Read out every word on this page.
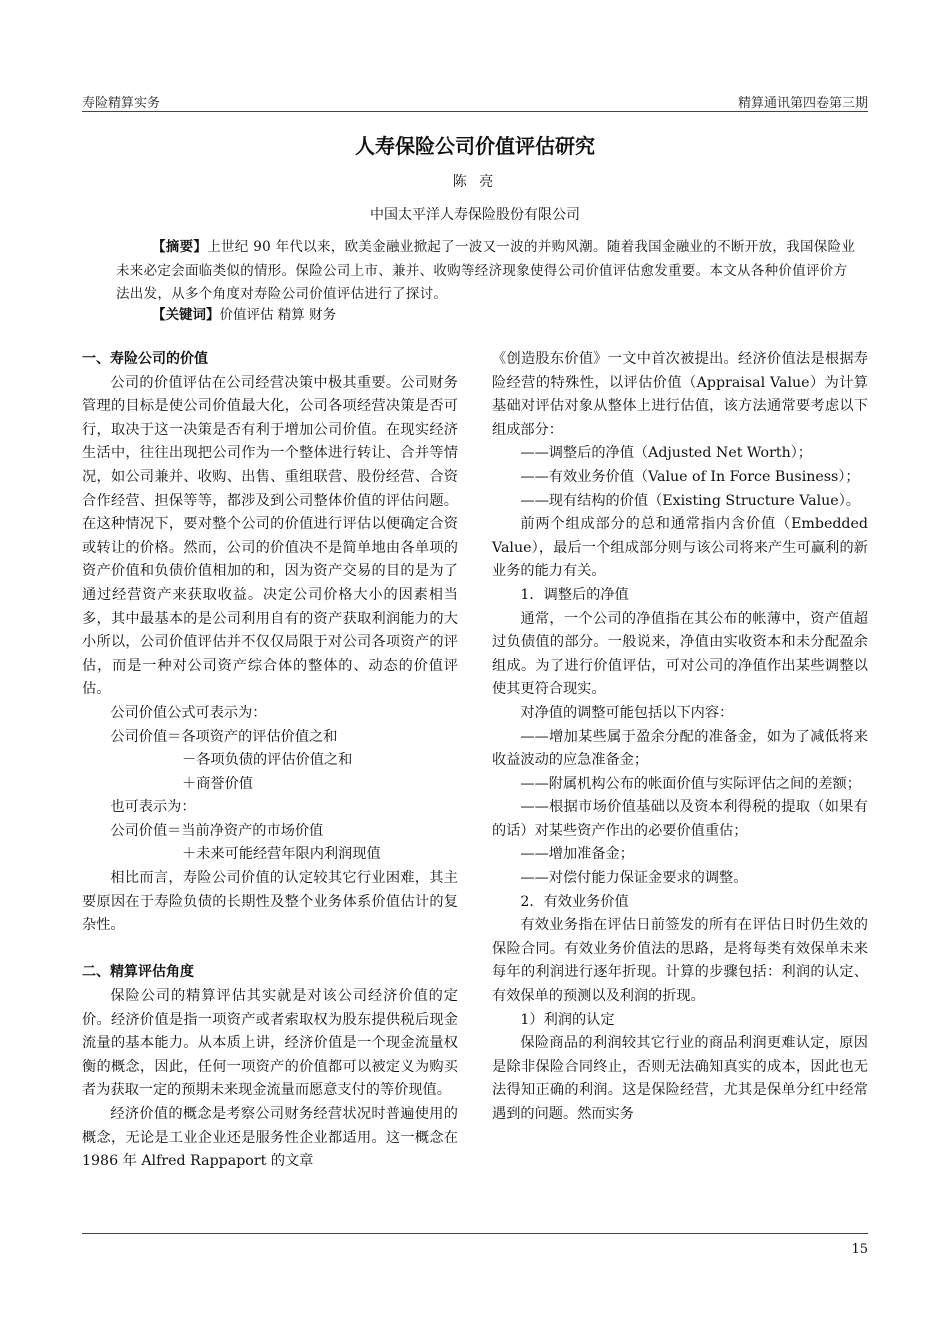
寿险精算实务	精算通讯第四卷第三期
人寿保险公司价值评估研究
陈 亮
中国太平洋人寿保险股份有限公司
【摘要】上世纪 90 年代以来，欧美金融业掀起了一波又一波的并购风潮。随着我国金融业的不断开放，我国保险业未来必定会面临类似的情形。保险公司上市、兼并、收购等经济现象使得公司价值评估愈发重要。本文从各种价值评价方法出发，从多个角度对寿险公司价值评估进行了探讨。
【关键词】价值评估 精算 财务

一、寿险公司的价值

公司的价值评估在公司经营决策中极其重要。公司财务管理的目标是使公司价值最大化，公司各项经营决策是否可行，取决于这一决策是否有利于增加公司价值。在现实经济生活中，往往出现把公司作为一个整体进行转让、合并等情况，如公司兼并、收购、出售、重组联营、股份经营、合资合作经营、担保等等，都涉及到公司整体价值的评估问题。在这种情况下，要对整个公司的价值进行评估以便确定合资或转让的价格。然而，公司的价值决不是简单地由各单项的资产价值和负债价值相加的和，因为资产交易的目的是为了通过经营资产来获取收益。决定公司价格大小的因素相当多，其中最基本的是公司利用自有的资产获取利润能力的大小所以，公司价值评估并不仅仅局限于对公司各项资产的评估，而是一种对公司资产综合体的整体的、动态的价值评估。

公司价值公式可表示为：

公司价值＝各项资产的评估价值之和

－各项负债的评估价值之和

＋商誉价值

也可表示为：

公司价值＝当前净资产的市场价值

＋未来可能经营年限内利润现值

相比而言，寿险公司价值的认定较其它行业困难，其主要原因在于寿险负债的长期性及整个业务体系价值估计的复杂性。

二、精算评估角度

保险公司的精算评估其实就是对该公司经济价值的定价。经济价值是指一项资产或者索取权为股东提供税后现金流量的基本能力。从本质上讲，经济价值是一个现金流量权衡的概念，因此，任何一项资产的价值都可以被定义为购买者为获取一定的预期未来现金流量而愿意支付的等价现值。

经济价值的概念是考察公司财务经营状况时普遍使用的概念，无论是工业企业还是服务性企业都适用。这一概念在 1986 年 Alfred Rappaport 的文章

《创造股东价值》一文中首次被提出。经济价值法是根据寿险经营的特殊性，以评估价值（Appraisal Value）为计算基础对评估对象从整体上进行估值，该方法通常要考虑以下组成部分：

——调整后的净值（Adjusted Net Worth）；

——有效业务价值（Value of In Force Business）；

——现有结构的价值（Existing Structure Value）。

前两个组成部分的总和通常指内含价值（Embedded Value），最后一个组成部分则与该公司将来产生可赢利的新业务的能力有关。

1．调整后的净值

通常，一个公司的净值指在其公布的帐薄中，资产值超过负债值的部分。一般说来，净值由实收资本和未分配盈余组成。为了进行价值评估，可对公司的净值作出某些调整以使其更符合现实。

对净值的调整可能包括以下内容：

——增加某些属于盈余分配的准备金，如为了减低将来收益波动的应急准备金；

——附属机构公布的帐面价值与实际评估之间的差额；

——根据市场价值基础以及资本利得税的提取（如果有的话）对某些资产作出的必要价值重估；

——增加准备金；

——对偿付能力保证金要求的调整。

2．有效业务价值

有效业务指在评估日前签发的所有在评估日时仍生效的保险合同。有效业务价值法的思路，是将每类有效保单未来每年的利润进行逐年折现。计算的步骤包括：利润的认定、有效保单的预测以及利润的折现。

1）利润的认定

保险商品的利润较其它行业的商品利润更难认定，原因是除非保险合同终止，否则无法确知真实的成本，因此也无法得知正确的利润。这是保险经营，尤其是保单分红中经常遇到的问题。然而实务

15
